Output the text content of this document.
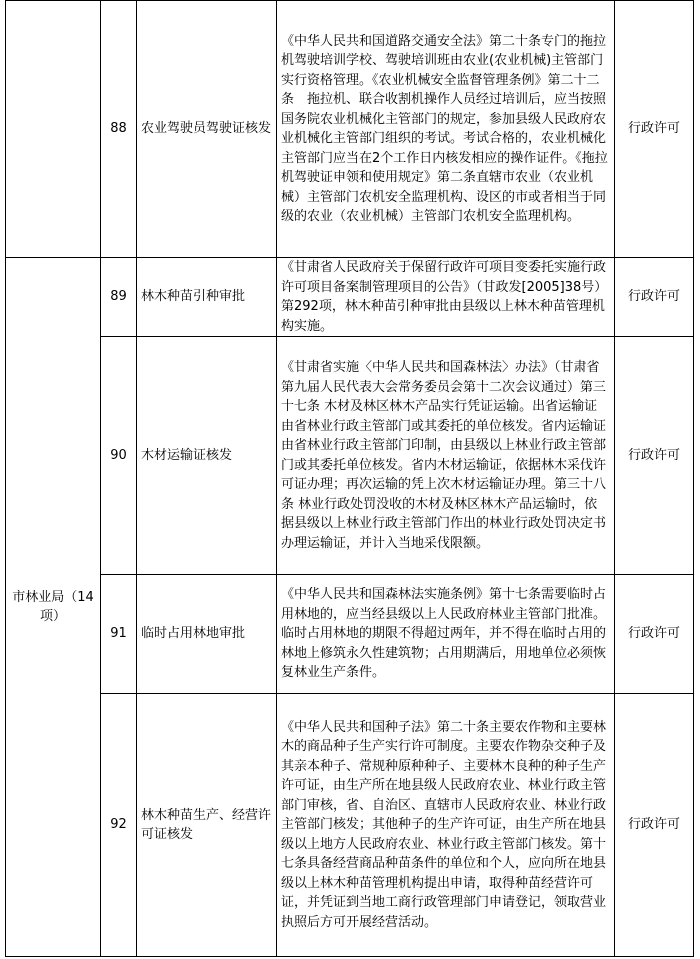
	88	农业驾驶员驾驶证核发	《中华人民共和国道路交通安全法》第二十条专门的拖拉机驾驶培训学校、驾驶培训班由农业(农业机械)主管部门实行资格管理。《农业机械安全监督管理条例》第二十二条　拖拉机、联合收割机操作人员经过培训后，应当按照国务院农业机械化主管部门的规定，参加县级人民政府农业机械化主管部门组织的考试。考试合格的，农业机械化主管部门应当在2个工作日内核发相应的操作证件。《拖拉机驾驶证申领和使用规定》第二条直辖市农业（农业机械）主管部门农机安全监理机构、设区的市或者相当于同级的农业（农业机械）主管部门农机安全监理机构。	行政许可
市林业局（14项）	89	林木种苗引种审批	《甘肃省人民政府关于保留行政许可项目变委托实施行政许可项目备案制管理项目的公告》（甘政发[2005]38号）第292项，林木种苗引种审批由县级以上林木种苗管理机构实施。	行政许可
	90	木材运输证核发	《甘肃省实施〈中华人民共和国森林法〉办法》（甘肃省第九届人民代表大会常务委员会第十二次会议通过）第三十七条 木材及林区林木产品实行凭证运输。出省运输证由省林业行政主管部门或其委托的单位核发。省内运输证由省林业行政主管部门印制，由县级以上林业行政主管部门或其委托单位核发。省内木材运输证，依据林木采伐许可证办理；再次运输的凭上次木材运输证办理。第三十八条 林业行政处罚没收的木材及林区林木产品运输时，依据县级以上林业行政主管部门作出的林业行政处罚决定书办理运输证，并计入当地采伐限额。	行政许可
	91	临时占用林地审批	《中华人民共和国森林法实施条例》第十七条需要临时占用林地的，应当经县级以上人民政府林业主管部门批准。临时占用林地的期限不得超过两年，并不得在临时占用的林地上修筑永久性建筑物；占用期满后，用地单位必须恢复林业生产条件。	行政许可
	92	林木种苗生产、经营许可证核发	《中华人民共和国种子法》第二十条主要农作物和主要林木的商品种子生产实行许可制度。主要农作物杂交种子及其亲本种子、常规种原种种子、主要林木良种的种子生产许可证，由生产所在地县级人民政府农业、林业行政主管部门审核，省、自治区、直辖市人民政府农业、林业行政主管部门核发；其他种子的生产许可证，由生产所在地县级以上地方人民政府农业、林业行政主管部门核发。第十七条具备经营商品种苗条件的单位和个人，应向所在地县级以上林木种苗管理机构提出申请，取得种苗经营许可证，并凭证到当地工商行政管理部门申请登记，领取营业执照后方可开展经营活动。	行政许可
